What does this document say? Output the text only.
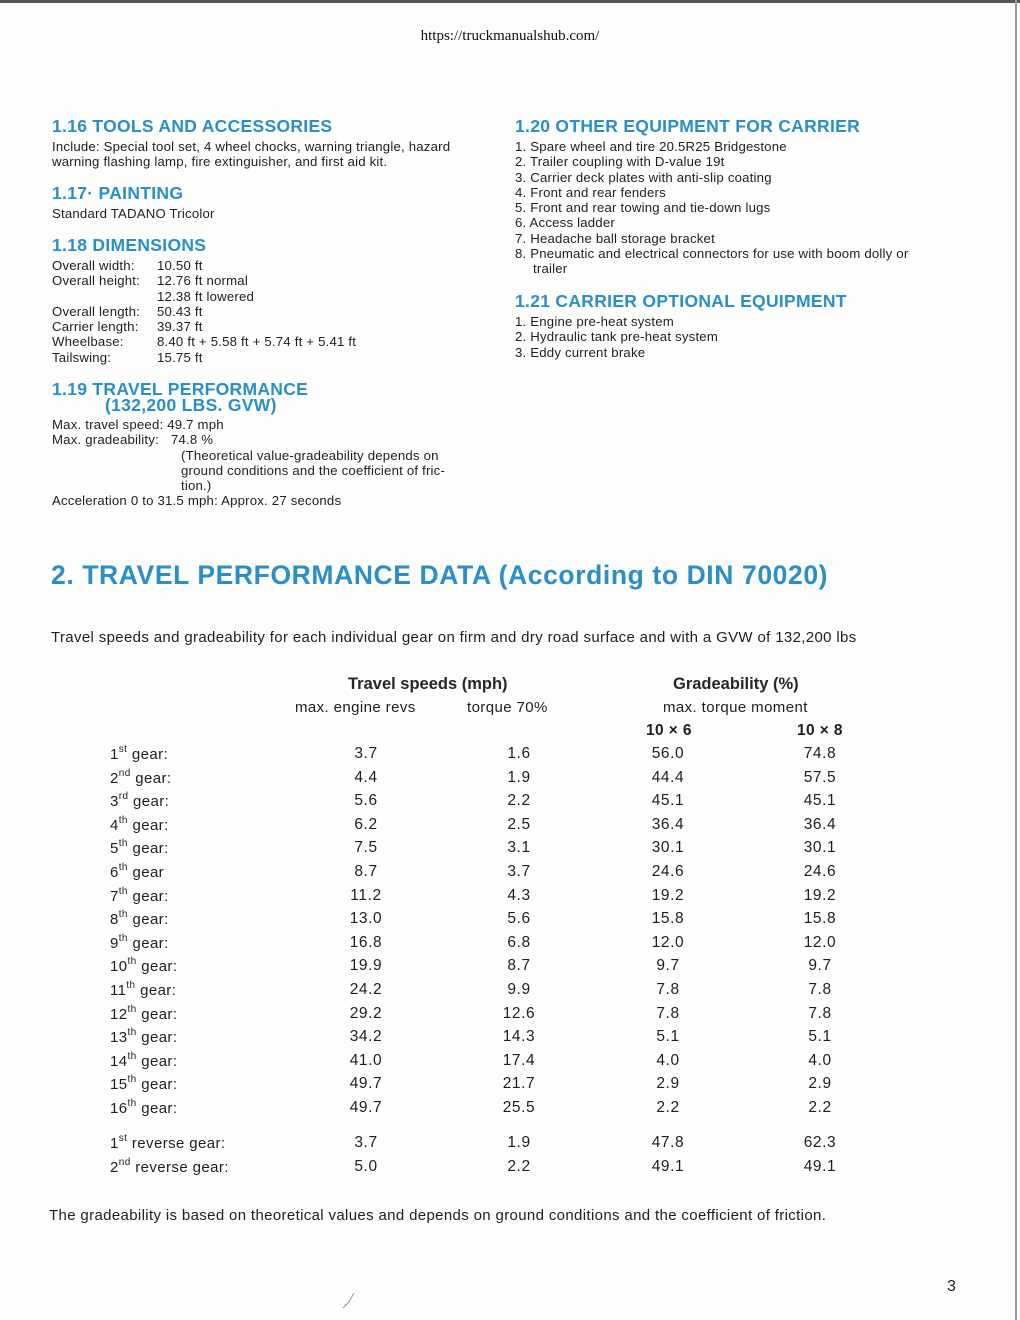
https://truckmanualshub.com/
1.16 TOOLS AND ACCESSORIES
Include: Special tool set, 4 wheel chocks, warning triangle, hazard
warning flashing lamp, fire extinguisher, and first aid kit.
1.17· PAINTING
Standard TADANO Tricolor
1.18 DIMENSIONS
Overall width:	10.50 ft
Overall height:	12.76 ft normal
12.38 ft lowered
Overall length:	50.43 ft
Carrier length:	39.37 ft
Wheelbase:	8.40 ft + 5.58 ft + 5.74 ft + 5.41 ft
Tailswing:	15.75 ft
1.19 TRAVEL PERFORMANCE
(132,200 LBS. GVW)
Max. travel speed: 49.7 mph
Max. gradeability: 74.8 %
(Theoretical value-gradeability depends on
ground conditions and the coefficient of fric-
tion.)
Acceleration 0 to 31.5 mph: Approx. 27 seconds
1.20 OTHER EQUIPMENT FOR CARRIER
1. Spare wheel and tire 20.5R25 Bridgestone
2. Trailer coupling with D-value 19t
3. Carrier deck plates with anti-slip coating
4. Front and rear fenders
5. Front and rear towing and tie-down lugs
6. Access ladder
7. Headache ball storage bracket
8. Pneumatic and electrical connectors for use with boom dolly or
trailer
1.21 CARRIER OPTIONAL EQUIPMENT
1. Engine pre-heat system
2. Hydraulic tank pre-heat system
3. Eddy current brake
2. TRAVEL PERFORMANCE DATA (According to DIN 70020)
Travel speeds and gradeability for each individual gear on firm and dry road surface and with a GVW of 132,200 lbs
Travel speeds (mph)	Gradeability (%)
max. engine revs	torque 70%	max. torque moment
10 × 6	10 × 8
1st gear:	3.7	1.6	56.0	74.8
2nd gear:	4.4	1.9	44.4	57.5
3rd gear:	5.6	2.2	45.1	45.1
4th gear:	6.2	2.5	36.4	36.4
5th gear:	7.5	3.1	30.1	30.1
6th gear	8.7	3.7	24.6	24.6
7th gear:	11.2	4.3	19.2	19.2
8th gear:	13.0	5.6	15.8	15.8
9th gear:	16.8	6.8	12.0	12.0
10th gear:	19.9	8.7	9.7	9.7
11th gear:	24.2	9.9	7.8	7.8
12th gear:	29.2	12.6	7.8	7.8
13th gear:	34.2	14.3	5.1	5.1
14th gear:	41.0	17.4	4.0	4.0
15th gear:	49.7	21.7	2.9	2.9
16th gear:	49.7	25.5	2.2	2.2
1st reverse gear:	3.7	1.9	47.8	62.3
2nd reverse gear:	5.0	2.2	49.1	49.1
The gradeability is based on theoretical values and depends on ground conditions and the coefficient of friction.
3
